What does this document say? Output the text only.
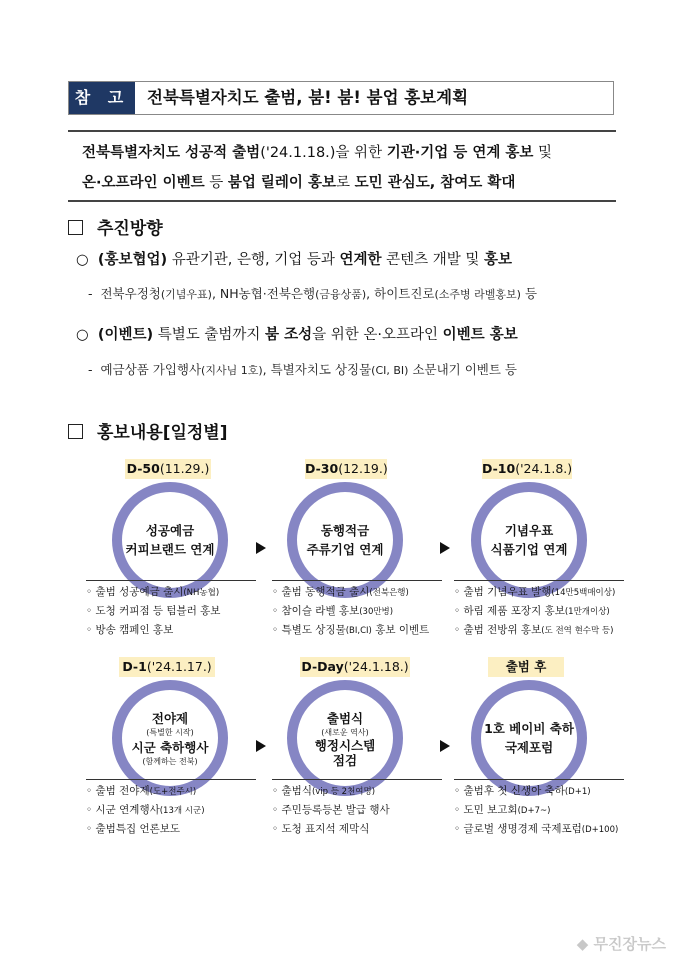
참 고	전북특별자치도 출범, 붐! 붐! 붐업 홍보계획
전북특별자치도 성공적 출범('24.1.18.)을 위한 기관·기업 등 연계 홍보 및
온·오프라인 이벤트 등 붐업 릴레이 홍보로 도민 관심도, 참여도 확대
추진방향
○  (홍보협업) 유관기관, 은행, 기업 등과 연계한 콘텐츠 개발 및 홍보
-  전북우정청(기념우표), NH농협·전북은행(금융상품), 하이트진로(소주병 라벨홍보) 등
○  (이벤트) 특별도 출범까지 붐 조성을 위한 온·오프라인 이벤트 홍보
-  예금상품 가입행사(지사님 1호), 특별자치도 상징물(CI, BI) 소문내기 이벤트 등
홍보내용[일정별]
D-50(11.29.)
성공예금
커피브랜드 연계
D-30(12.19.)
동행적금
주류기업 연계
D-10('24.1.8.)
기념우표
식품기업 연계
◦ 출범 성공예금 출시(NH농협)
◦ 도청 커피점 등 텀블러 홍보
◦ 방송 캠페인 홍보
◦ 출범 동행적금 출시(전북은행)
◦ 참이슬 라벨 홍보(30만병)
◦ 특별도 상징물(BI,CI) 홍보 이벤트
◦ 출범 기념우표 발행(14만5백매이상)
◦ 하림 제품 포장지 홍보(1만개이상)
◦ 출범 전방위 홍보(도 전역 현수막 등)
D-1('24.1.17.)
전야제
(특별한 시작)
시군 축하행사
(함께하는 전북)
D-Day('24.1.18.)
출범식
(새로운 역사)
행정시스템
점검
출범 후
1호 베이비 축하
국제포럼
◦ 출범 전야제(도+전주시)
◦ 시군 연계행사(13개 시군)
◦ 출범특집 언론보도
◦ 출범식(vip 등 2천여명)
◦ 주민등록등본 발급 행사
◦ 도청 표지석 제막식
◦ 출범후 첫 신생아 축하(D+1)
◦ 도민 보고회(D+7~)
◦ 글로벌 생명경제 국제포럼(D+100)
◆ 무진장뉴스
